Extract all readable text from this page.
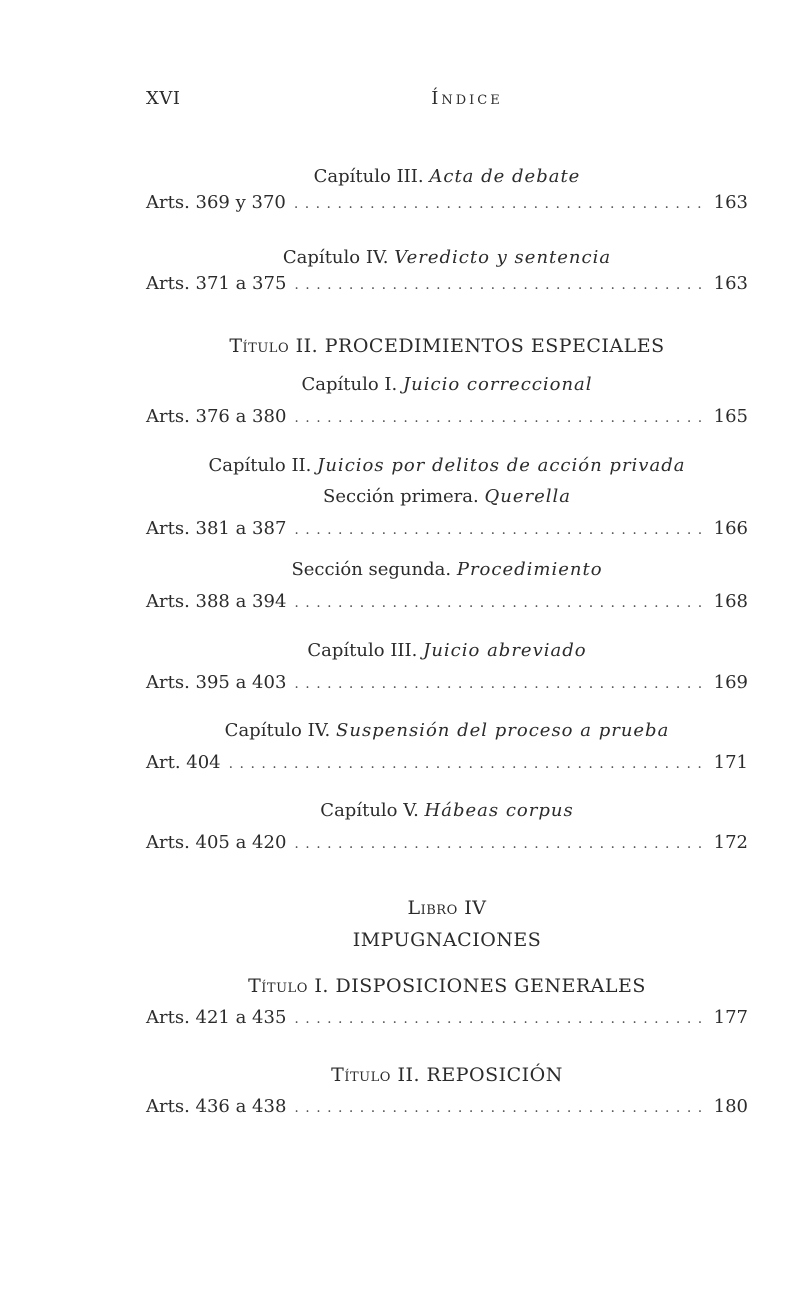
XVI	Índice
Capítulo III. Acta de debate
Arts. 369 y 370 . . .	163
Capítulo IV. Veredicto y sentencia
Arts. 371 a 375 . . .	163
Título II. PROCEDIMIENTOS ESPECIALES
Capítulo I. Juicio correccional
Arts. 376 a 380 . . .	165
Capítulo II. Juicios por delitos de acción privada
Sección primera. Querella
Arts. 381 a 387 . . .	166
Sección segunda. Procedimiento
Arts. 388 a 394 . . .	168
Capítulo III. Juicio abreviado
Arts. 395 a 403 . . .	169
Capítulo IV. Suspensión del proceso a prueba
Art. 404 . . .	171
Capítulo V. Hábeas corpus
Arts. 405 a 420 . . .	172
Libro IV
IMPUGNACIONES
Título I. DISPOSICIONES GENERALES
Arts. 421 a 435 . . .	177
Título II. REPOSICIÓN
Arts. 436 a 438 . . .	180
